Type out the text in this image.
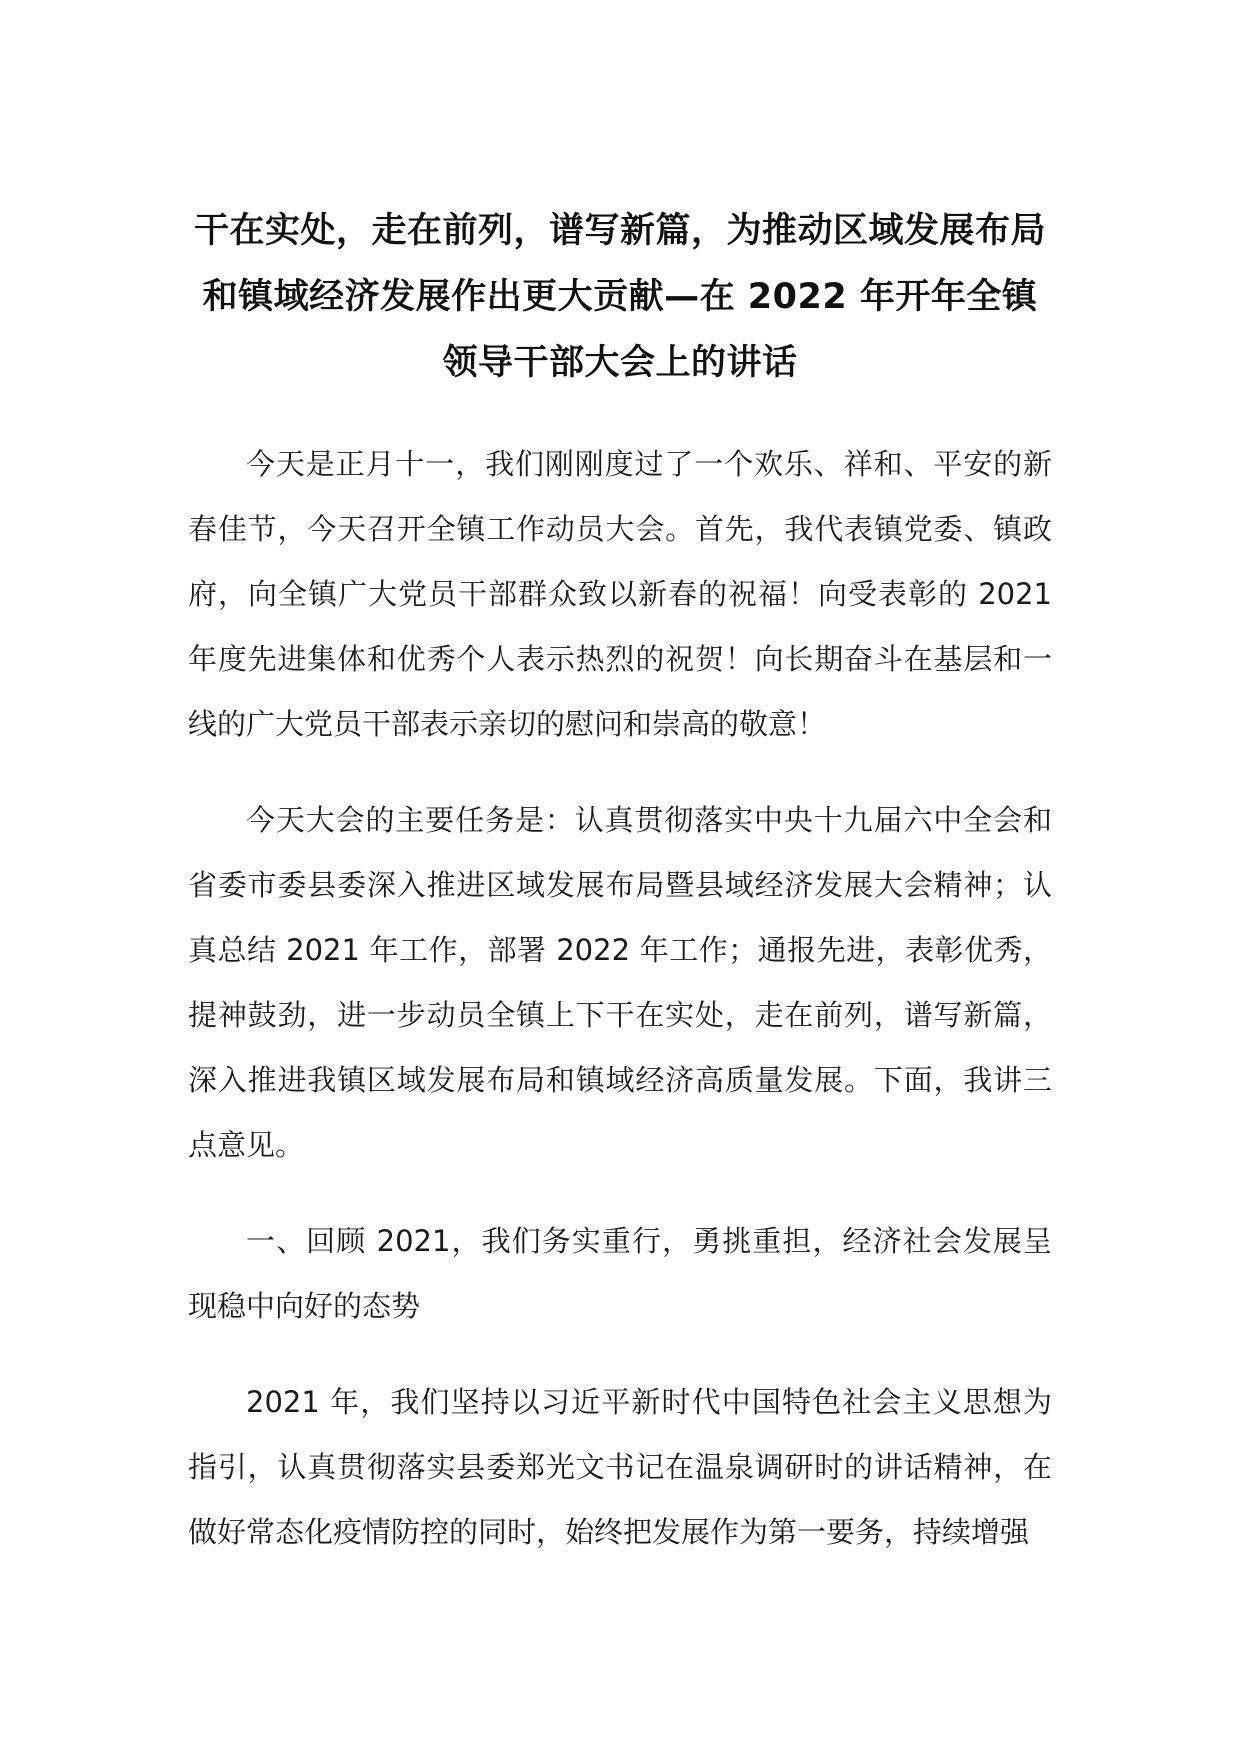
干在实处，走在前列，谱写新篇，为推动区域发展布局和镇域经济发展作出更大贡献—在 2022 年开年全镇领导干部大会上的讲话

今天是正月十一，我们刚刚度过了一个欢乐、祥和、平安的新春佳节，今天召开全镇工作动员大会。首先，我代表镇党委、镇政府，向全镇广大党员干部群众致以新春的祝福！向受表彰的 2021 年度先进集体和优秀个人表示热烈的祝贺！向长期奋斗在基层和一线的广大党员干部表示亲切的慰问和崇高的敬意！

今天大会的主要任务是：认真贯彻落实中央十九届六中全会和省委市委县委深入推进区域发展布局暨县域经济发展大会精神；认真总结 2021 年工作，部署 2022 年工作；通报先进，表彰优秀，提神鼓劲，进一步动员全镇上下干在实处，走在前列，谱写新篇，深入推进我镇区域发展布局和镇域经济高质量发展。下面，我讲三点意见。

一、回顾 2021，我们务实重行，勇挑重担，经济社会发展呈现稳中向好的态势

2021 年，我们坚持以习近平新时代中国特色社会主义思想为指引，认真贯彻落实县委郑光文书记在温泉调研时的讲话精神，在做好常态化疫情防控的同时，始终把发展作为第一要务，持续增强
